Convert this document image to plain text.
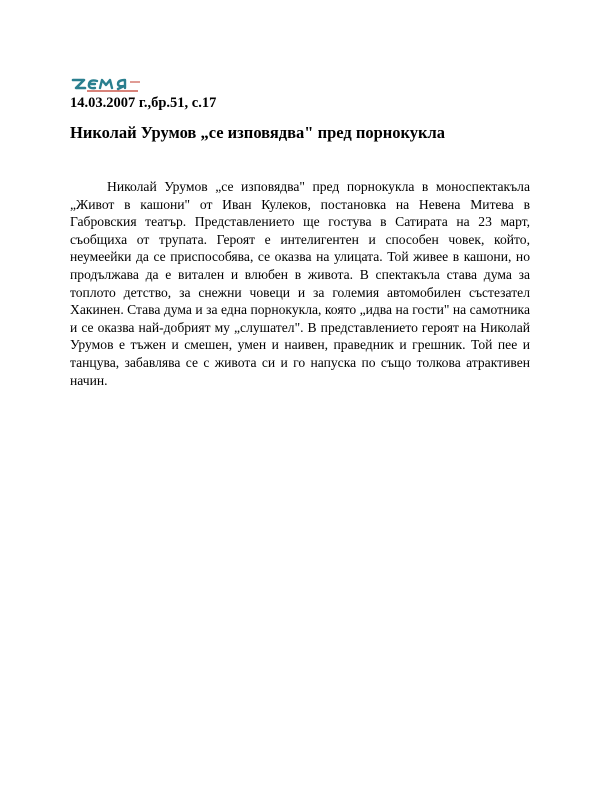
14.03.2007 г.,бр.51, с.17
Николай Урумов „се изповядва" пред порнокукла

Николай Урумов „се изповядва" пред порнокукла в моноспектакъла „Живот в кашони" от Иван Кулеков, постановка на Невена Митева в Габровския театър. Представлението ще гостува в Сатирата на 23 март, съобщиха от трупата. Героят е интелигентен и способен човек, който, неумеейки да се приспособява, се оказва на улицата. Той живее в кашони, но продължава да е витален и влюбен в живота. В спектакъла става дума за топлото детство, за снежни човеци и за големия автомобилен състезател Хакинен. Става дума и за една порнокукла, която „идва на гости" на самотника и се оказва най-добрият му „слушател". В представлението героят на Николай Урумов е тъжен и смешен, умен и наивен, праведник и грешник. Той пее и танцува, забавлява се с живота си и го напуска по също толкова атрактивен начин.
